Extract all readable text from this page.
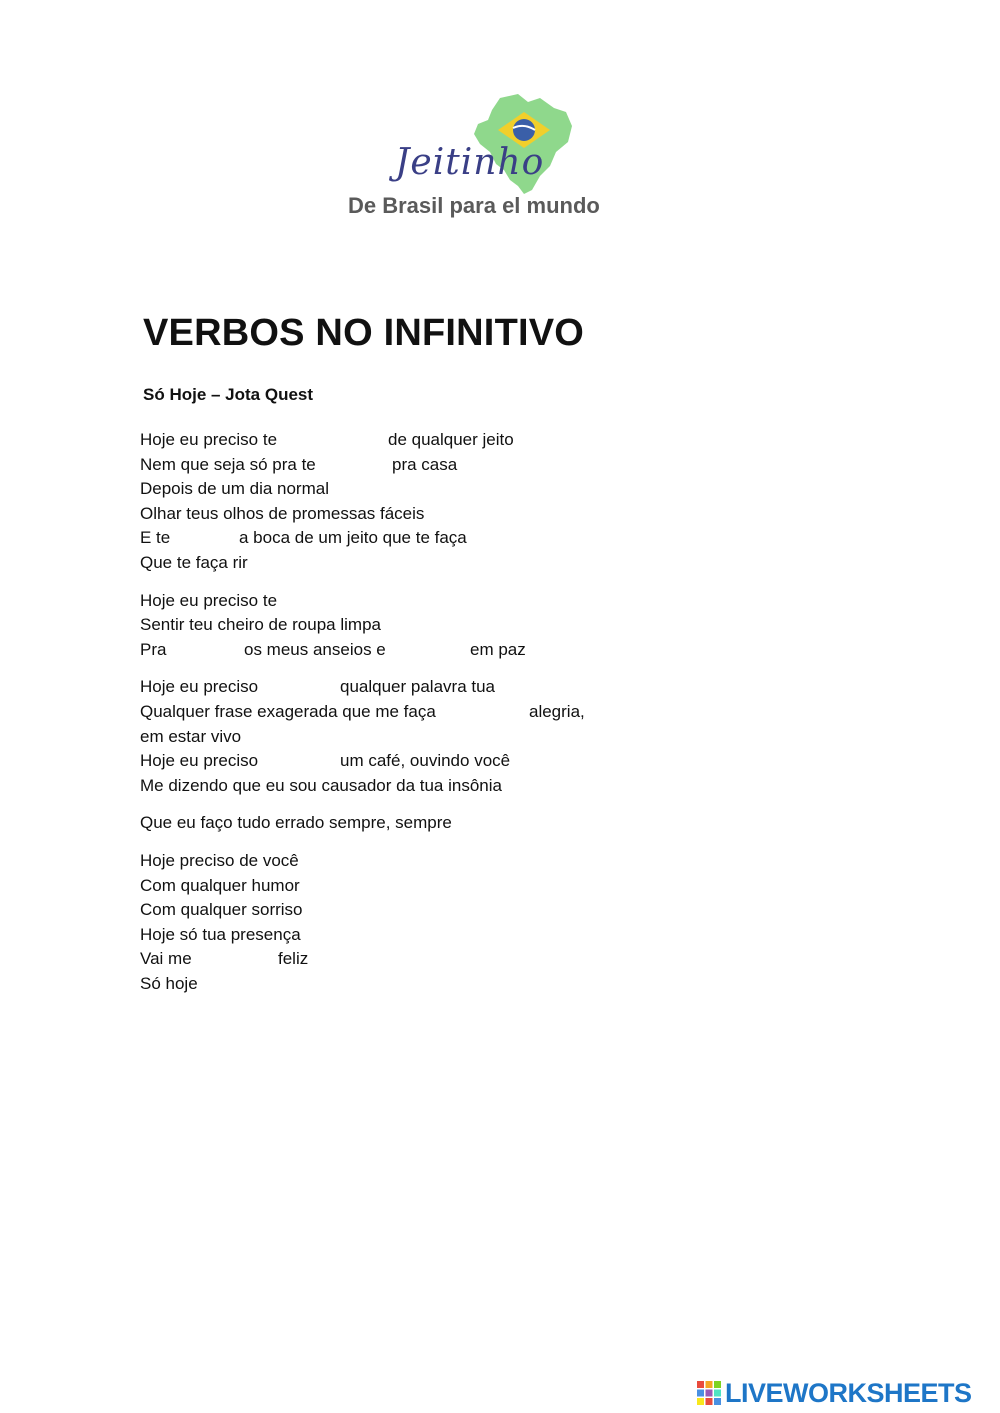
Jeitinho
De Brasil para el mundo
VERBOS NO INFINITIVO
Só Hoje – Jota Quest
Hoje eu preciso te	de qualquer jeito
Nem que seja só pra te	pra casa
Depois de um dia normal
Olhar teus olhos de promessas fáceis
E te	a boca de um jeito que te faça
Que te faça rir
Hoje eu preciso te
Sentir teu cheiro de roupa limpa
Pra	os meus anseios e	em paz
Hoje eu preciso	qualquer palavra tua
Qualquer frase exagerada que me faça	alegria,
em estar vivo
Hoje eu preciso	um café, ouvindo você
Me dizendo que eu sou causador da tua insônia
Que eu faço tudo errado sempre, sempre
Hoje preciso de você
Com qualquer humor
Com qualquer sorriso
Hoje só tua presença
Vai me	feliz
Só hoje
LIVEWORKSHEETS
